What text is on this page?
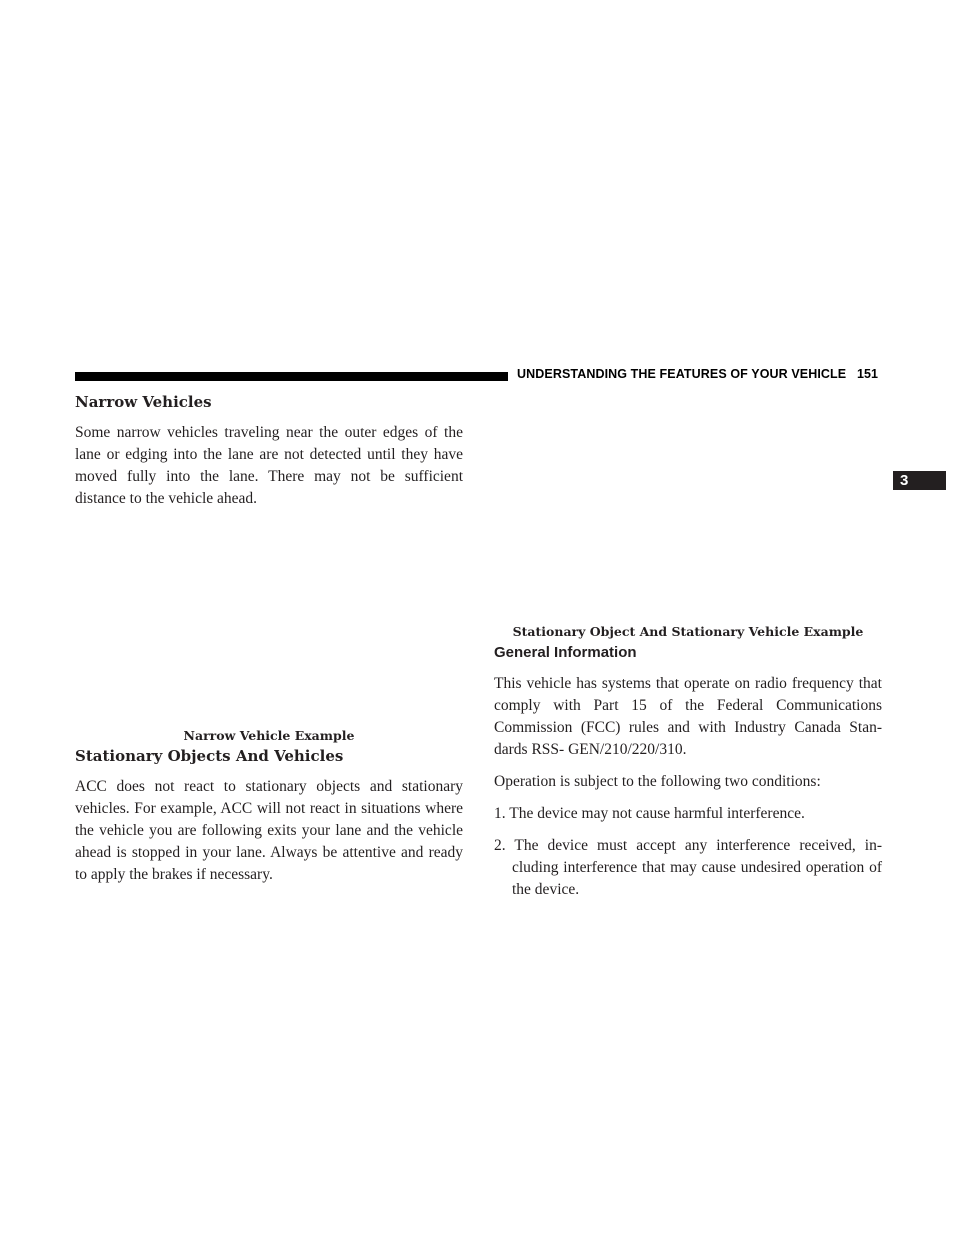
UNDERSTANDING THE FEATURES OF YOUR VEHICLE 151
3
Narrow Vehicles

Some narrow vehicles traveling near the outer edges of the lane or edging into the lane are not detected until they have moved fully into the lane. There may not be sufficient distance to the vehicle ahead.

Narrow Vehicle Example
Stationary Objects And Vehicles

ACC does not react to stationary objects and stationary vehicles. For example, ACC will not react in situations where the vehicle you are following exits your lane and the vehicle ahead is stopped in your lane. Always be attentive and ready to apply the brakes if necessary.

Stationary Object And Stationary Vehicle Example
General Information

This vehicle has systems that operate on radio frequency that comply with Part 15 of the Federal Communications Commission (FCC) rules and with Industry Canada Stan-dards RSS- GEN/210/220/310.

Operation is subject to the following two conditions:

1. The device may not cause harmful interference.

2. The device must accept any interference received, in-cluding interference that may cause undesired operation of the device.
